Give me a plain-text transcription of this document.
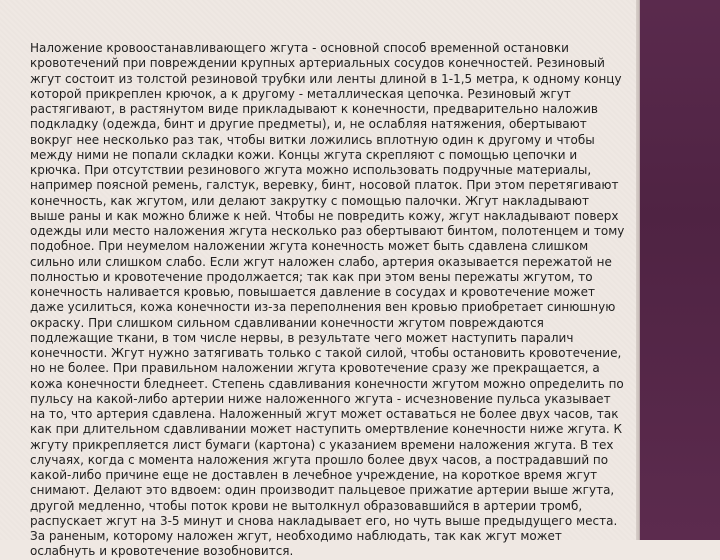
Наложение кровоостанавливающего жгута - основной способ временной остановки кровотечений при повреждении крупных артериальных сосудов конечностей. Резиновый жгут состоит из толстой резиновой трубки или ленты длиной в 1-1,5 метра, к одному концу которой прикреплен крючок, а к другому - металлическая цепочка. Резиновый жгут растягивают, в растянутом виде прикладывают к конечности, предварительно наложив подкладку (одежда, бинт и другие предметы), и, не ослабляя натяжения, обертывают вокруг нее несколько раз так, чтобы витки ложились вплотную один к другому и чтобы между ними не попали складки кожи. Концы жгута скрепляют с помощью цепочки и крючка. При отсутствии резинового жгута можно использовать подручные материалы, например поясной ремень, галстук, веревку, бинт, носовой платок. При этом перетягивают конечность, как жгутом, или делают закрутку с помощью палочки. Жгут накладывают выше раны и как можно ближе к ней. Чтобы не повредить кожу, жгут накладывают поверх одежды или место наложения жгута несколько раз обертывают бинтом, полотенцем и тому подобное. При неумелом наложении жгута конечность может быть сдавлена слишком сильно или слишком слабо. Если жгут наложен слабо, артерия оказывается пережатой не полностью и кровотечение продолжается; так как при этом вены пережаты жгутом, то конечность наливается кровью, повышается давление в сосудах и кровотечение может даже усилиться, кожа конечности из-за переполнения вен кровью приобретает синюшную окраску. При слишком сильном сдавливании конечности жгутом повреждаются подлежащие ткани, в том числе нервы, в результате чего может наступить паралич конечности. Жгут нужно затягивать только с такой силой, чтобы остановить кровотечение, но не более. При правильном наложении жгута кровотечение сразу же прекращается, а кожа конечности бледнеет. Степень сдавливания конечности жгутом можно определить по пульсу на какой-либо артерии ниже наложенного жгута - исчезновение пульса указывает на то, что артерия сдавлена. Наложенный жгут может оставаться не более двух часов, так как при длительном сдавливании может наступить омертвление конечности ниже жгута. К жгуту прикрепляется лист бумаги (картона) с указанием времени наложения жгута. В тех случаях, когда с момента наложения жгута прошло более двух часов, а пострадавший по какой-либо причине еще не доставлен в лечебное учреждение, на короткое время жгут снимают. Делают это вдвоем: один производит пальцевое прижатие артерии выше жгута, другой медленно, чтобы поток крови не вытолкнул образовавшийся в артерии тромб, распускает жгут на 3-5 минут и снова накладывает его, но чуть выше предыдущего места. За раненым, которому наложен жгут, необходимо наблюдать, так как жгут может ослабнуть и кровотечение возобновится.
